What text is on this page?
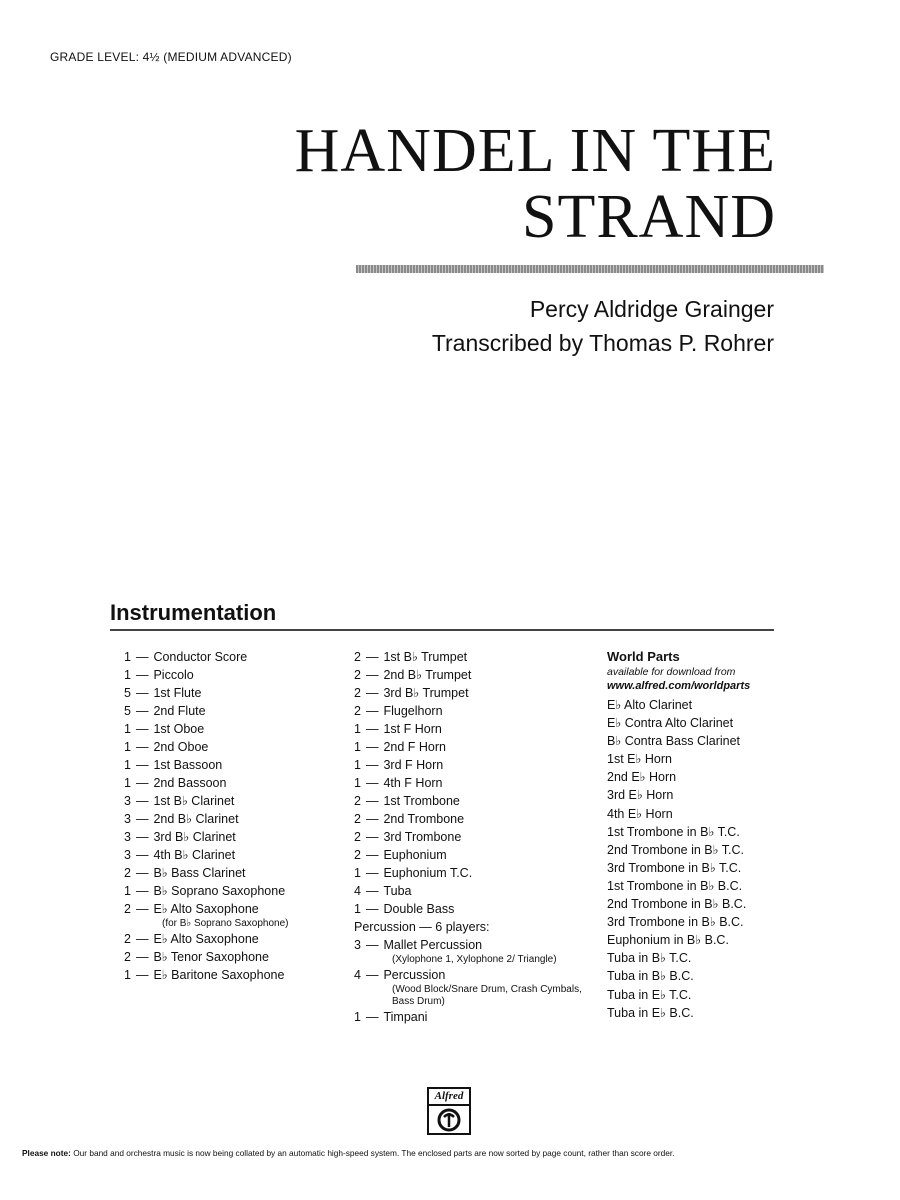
GRADE LEVEL: 4½ (MEDIUM ADVANCED)
HANDEL IN THE
STRAND
Percy Aldridge Grainger
Transcribed by Thomas P. Rohrer
Instrumentation
1 — Conductor Score
1 — Piccolo
5 — 1st Flute
5 — 2nd Flute
1 — 1st Oboe
1 — 2nd Oboe
1 — 1st Bassoon
1 — 2nd Bassoon
3 — 1st B♭ Clarinet
3 — 2nd B♭ Clarinet
3 — 3rd B♭ Clarinet
3 — 4th B♭ Clarinet
2 — B♭ Bass Clarinet
1 — B♭ Soprano Saxophone
2 — E♭ Alto Saxophone
(for B♭ Soprano Saxophone)
2 — E♭ Alto Saxophone
2 — B♭ Tenor Saxophone
1 — E♭ Baritone Saxophone
2 — 1st B♭ Trumpet
2 — 2nd B♭ Trumpet
2 — 3rd B♭ Trumpet
2 — Flugelhorn
1 — 1st F Horn
1 — 2nd F Horn
1 — 3rd F Horn
1 — 4th F Horn
2 — 1st Trombone
2 — 2nd Trombone
2 — 3rd Trombone
2 — Euphonium
1 — Euphonium T.C.
4 — Tuba
1 — Double Bass
Percussion — 6 players:
3 — Mallet Percussion
(Xylophone 1, Xylophone 2/ Triangle)
4 — Percussion
(Wood Block/Snare Drum, Crash Cymbals, Bass Drum)
1 — Timpani
World Parts
available for download from
www.alfred.com/worldparts
E♭ Alto Clarinet
E♭ Contra Alto Clarinet
B♭ Contra Bass Clarinet
1st E♭ Horn
2nd E♭ Horn
3rd E♭ Horn
4th E♭ Horn
1st Trombone in B♭ T.C.
2nd Trombone in B♭ T.C.
3rd Trombone in B♭ T.C.
1st Trombone in B♭ B.C.
2nd Trombone in B♭ B.C.
3rd Trombone in B♭ B.C.
Euphonium in B♭ B.C.
Tuba in B♭ T.C.
Tuba in B♭ B.C.
Tuba in E♭ T.C.
Tuba in E♭ B.C.
Alfred
Please note: Our band and orchestra music is now being collated by an automatic high-speed system. The enclosed parts are now sorted by page count, rather than score order.
